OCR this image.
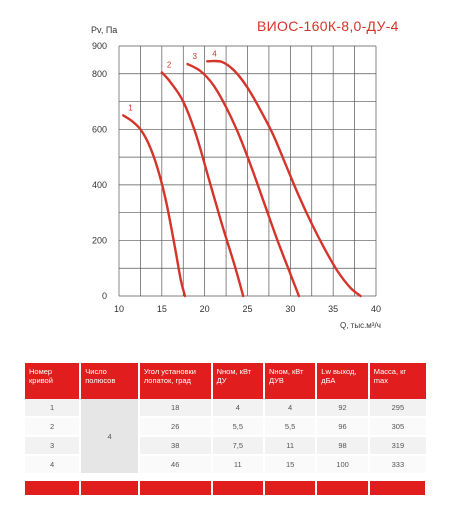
ВИОС-160К-8,0-ДУ-4
Pv, Па
Q, тыс.м³/ч
0
200
400
600
800
900
10	15	20	25	30	35	40
1
2
3 4
Номер кривой	Число полюсов	Угол установки лопаток, град	Nном, кВт ДУ	Nном, кВт ДУВ	Lw выход, дБА	Масса, кг max
1	4	18	4	4	92	295
2		26	5,5	5,5	96	305
3		38	7,5	11	98	319
4		46	11	15	100	333
